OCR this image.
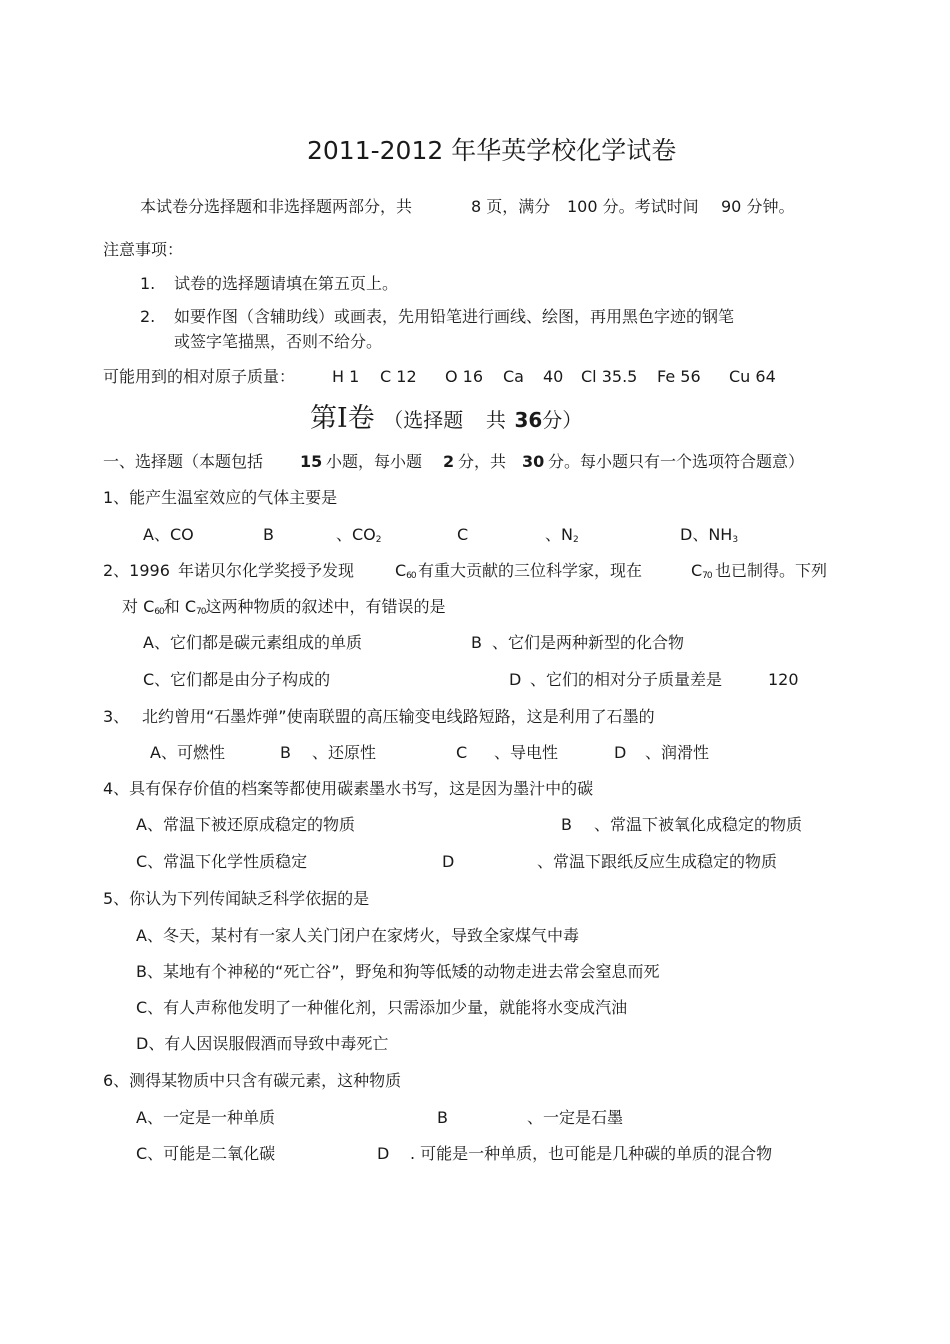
2011-2012 年华英学校化学试卷
本试卷分选择题和非选择题两部分，共	8 页，满分 100 分。考试时间 90 分钟。
注意事项：
1. 试卷的选择题请填在第五页上。
2. 如要作图（含辅助线）或画表，先用铅笔进行画线、绘图，再用黑色字迹的钢笔
或签字笔描黑，否则不给分。
可能用到的相对原子质量： H 1 C 12 O 16 Ca 40 Cl 35.5 Fe 56 Cu 64
第Ⅰ卷 （选择题 共 36分）
一、选择题（本题包括 15 小题，每小题 2 分，共 30 分。每小题只有一个选项符合题意）
1、能产生温室效应的气体主要是
A、CO	B	、$CO_2$	C	、$N_2$	D、$NH_3$
2、1996 年诺贝尔化学奖授予发现	$C_{60}$ 有重大贡献的三位科学家，现在	$C_{70}$ 也已制得。下列
对 $C_{60}$和 $C_{70}$这两种物质的叙述中，有错误的是
A、它们都是碳元素组成的单质	B 、它们是两种新型的化合物
C、它们都是由分子构成的	D 、它们的相对分子质量差是	120
3、 北约曾用“石墨炸弹”使南联盟的高压输变电线路短路，这是利用了石墨的
A、可燃性	B 、还原性	C 、导电性	D 、润滑性
4、具有保存价值的档案等都使用碳素墨水书写，这是因为墨汁中的碳
A、常温下被还原成稳定的物质	B 、常温下被氧化成稳定的物质
C、常温下化学性质稳定	D	、常温下跟纸反应生成稳定的物质
5、你认为下列传闻缺乏科学依据的是
A、冬天，某村有一家人关门闭户在家烤火，导致全家煤气中毒
B、某地有个神秘的“死亡谷”，野兔和狗等低矮的动物走进去常会窒息而死
C、有人声称他发明了一种催化剂，只需添加少量，就能将水变成汽油
D、有人因误服假酒而导致中毒死亡
6、测得某物质中只含有碳元素，这种物质
A、一定是一种单质	B	、一定是石墨
C、可能是二氧化碳	D . 可能是一种单质，也可能是几种碳的单质的混合物
